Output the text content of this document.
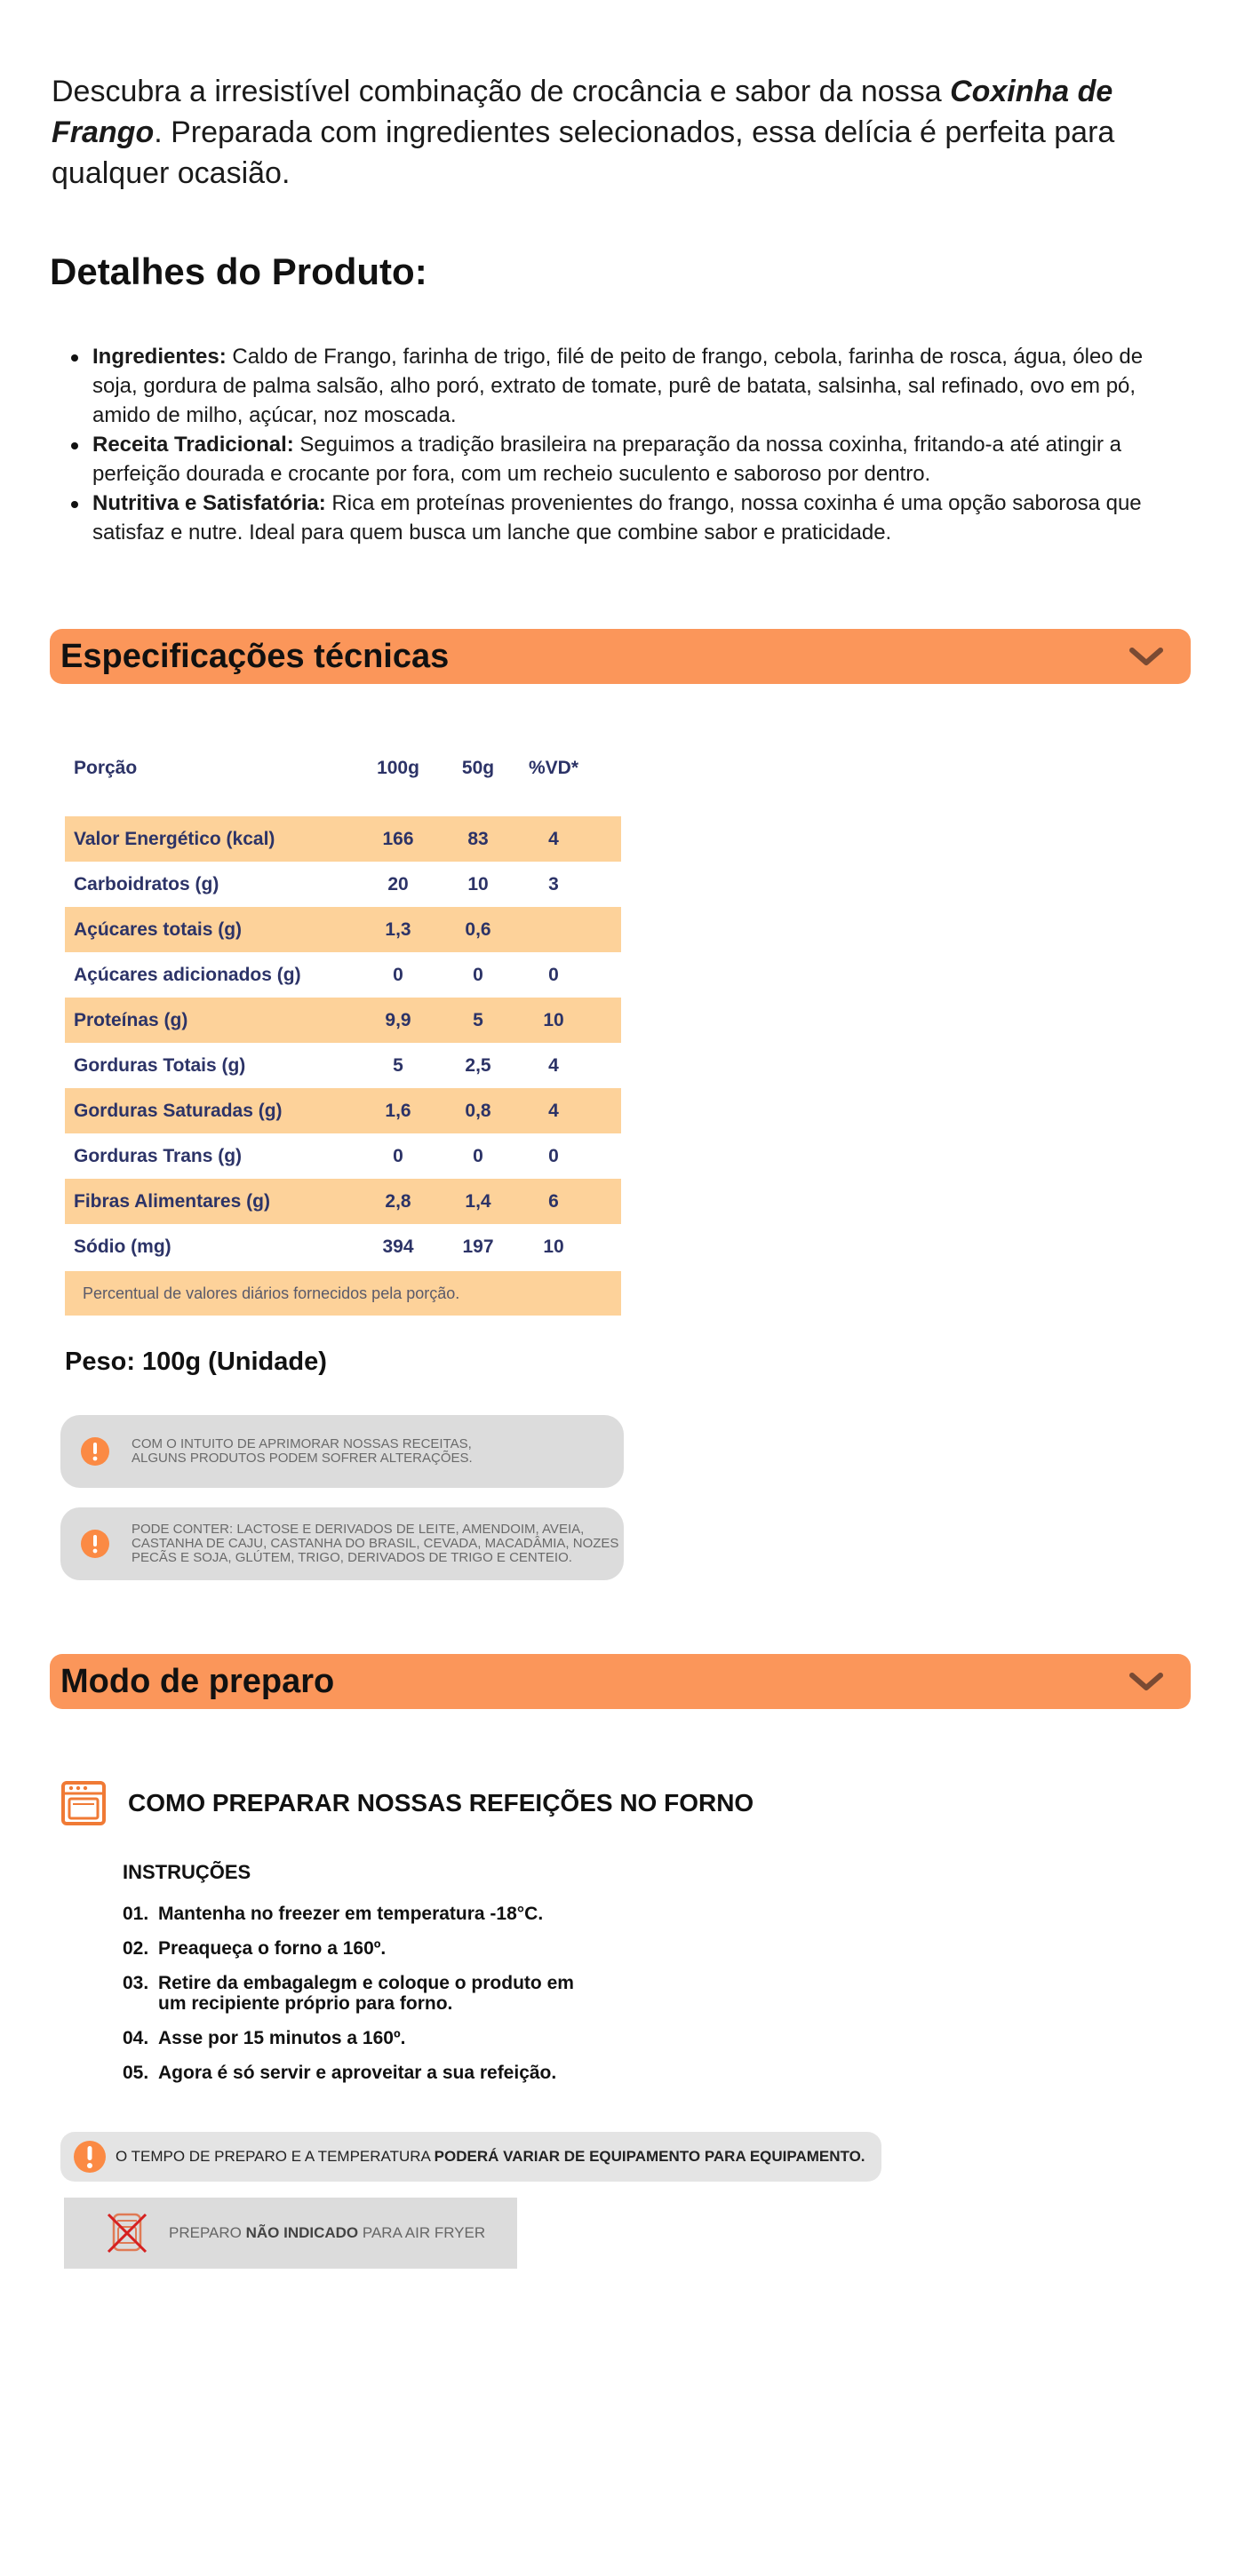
Descubra a irresistível combinação de crocância e sabor da nossa Coxinha de Frango. Preparada com ingredientes selecionados, essa delícia é perfeita para qualquer ocasião.

Detalhes do Produto:
Ingredientes: Caldo de Frango, farinha de trigo, filé de peito de frango, cebola, farinha de rosca, água, óleo de soja, gordura de palma salsão, alho poró, extrato de tomate, purê de batata, salsinha, sal refinado, ovo em pó, amido de milho, açúcar, noz moscada.
Receita Tradicional: Seguimos a tradição brasileira na preparação da nossa coxinha, fritando-a até atingir a perfeição dourada e crocante por fora, com um recheio suculento e saboroso por dentro.
Nutritiva e Satisfatória: Rica em proteínas provenientes do frango, nossa coxinha é uma opção saborosa que satisfaz e nutre. Ideal para quem busca um lanche que combine sabor e praticidade.
Especificações técnicas
Porção	100g	50g	%VD*
Valor Energético (kcal)	166	83	4
Carboidratos (g)	20	10	3
Açúcares totais (g)	1,3	0,6
Açúcares adicionados (g)	0	0	0
Proteínas (g)	9,9	5	10
Gorduras Totais (g)	5	2,5	4
Gorduras Saturadas (g)	1,6	0,8	4
Gorduras Trans (g)	0	0	0
Fibras Alimentares (g)	2,8	1,4	6
Sódio (mg)	394	197	10
Percentual de valores diários fornecidos pela porção.
Peso: 100g (Unidade)
COM O INTUITO DE APRIMORAR NOSSAS RECEITAS,
ALGUNS PRODUTOS PODEM SOFRER ALTERAÇÕES.
PODE CONTER: LACTOSE E DERIVADOS DE LEITE, AMENDOIM, AVEIA,
CASTANHA DE CAJU, CASTANHA DO BRASIL, CEVADA, MACADÂMIA, NOZES
PECÃS E SOJA, GLÚTEM, TRIGO, DERIVADOS DE TRIGO E CENTEIO.
Modo de preparo
COMO PREPARAR NOSSAS REFEIÇÕES NO FORNO
INSTRUÇÕES
01. Mantenha no freezer em temperatura -18°C.
02. Preaqueça o forno a 160º.
03. Retire da embagalegm e coloque o produto em
um recipiente próprio para forno.
04. Asse por 15 minutos a 160º.
05. Agora é só servir e aproveitar a sua refeição.
O TEMPO DE PREPARO E A TEMPERATURA PODERÁ VARIAR DE EQUIPAMENTO PARA EQUIPAMENTO.
PREPARO NÃO INDICADO PARA AIR FRYER
